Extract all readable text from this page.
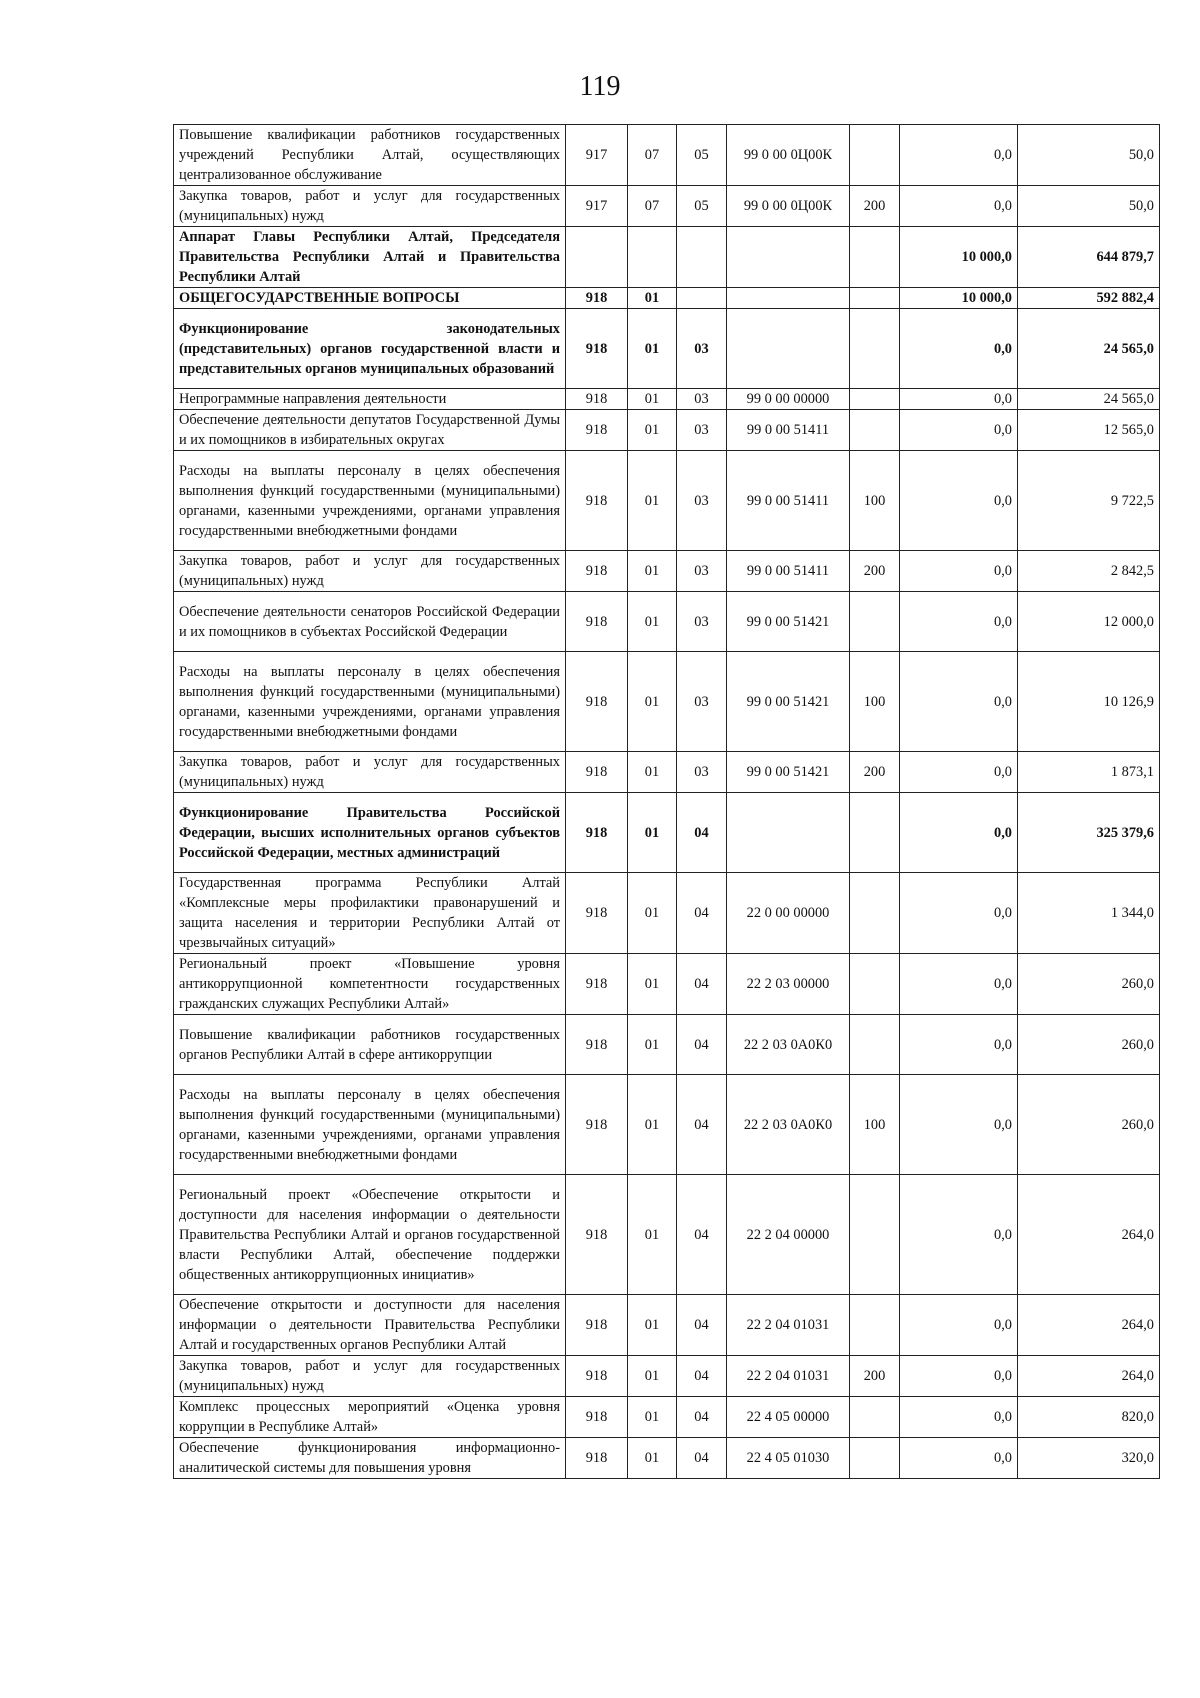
119
Повышение квалификации работников государственных учреждений Республики Алтай, осуществляющих централизованное обслуживание	917	07	05	99 0 00 0Ц00К		0,0	50,0
Закупка товаров, работ и услуг для государственных (муниципальных) нужд	917	07	05	99 0 00 0Ц00К	200	0,0	50,0
Аппарат Главы Республики Алтай, Председателя Правительства Республики Алтай и Правительства Республики Алтай						10 000,0	644 879,7
ОБЩЕГОСУДАРСТВЕННЫЕ ВОПРОСЫ	918	01				10 000,0	592 882,4
Функционирование законодательных (представительных) органов государственной власти и представительных органов муниципальных образований	918	01	03			0,0	24 565,0
Непрограммные направления деятельности	918	01	03	99 0 00 00000		0,0	24 565,0
Обеспечение деятельности депутатов Государственной Думы и их помощников в избирательных округах	918	01	03	99 0 00 51411		0,0	12 565,0
Расходы на выплаты персоналу в целях обеспечения выполнения функций государственными (муниципальными) органами, казенными учреждениями, органами управления государственными внебюджетными фондами	918	01	03	99 0 00 51411	100	0,0	9 722,5
Закупка товаров, работ и услуг для государственных (муниципальных) нужд	918	01	03	99 0 00 51411	200	0,0	2 842,5
Обеспечение деятельности сенаторов Российской Федерации и их помощников в субъектах Российской Федерации	918	01	03	99 0 00 51421		0,0	12 000,0
Расходы на выплаты персоналу в целях обеспечения выполнения функций государственными (муниципальными) органами, казенными учреждениями, органами управления государственными внебюджетными фондами	918	01	03	99 0 00 51421	100	0,0	10 126,9
Закупка товаров, работ и услуг для государственных (муниципальных) нужд	918	01	03	99 0 00 51421	200	0,0	1 873,1
Функционирование Правительства Российской Федерации, высших исполнительных органов субъектов Российской Федерации, местных администраций	918	01	04			0,0	325 379,6
Государственная программа Республики Алтай «Комплексные меры профилактики правонарушений и защита населения и территории Республики Алтай от чрезвычайных ситуаций»	918	01	04	22 0 00 00000		0,0	1 344,0
Региональный проект «Повышение уровня антикоррупционной компетентности государственных гражданских служащих Республики Алтай»	918	01	04	22 2 03 00000		0,0	260,0
Повышение квалификации работников государственных органов Республики Алтай в сфере антикоррупции	918	01	04	22 2 03 0А0К0		0,0	260,0
Расходы на выплаты персоналу в целях обеспечения выполнения функций государственными (муниципальными) органами, казенными учреждениями, органами управления государственными внебюджетными фондами	918	01	04	22 2 03 0А0К0	100	0,0	260,0
Региональный проект «Обеспечение открытости и доступности для населения информации о деятельности Правительства Республики Алтай и органов государственной власти Республики Алтай, обеспечение поддержки общественных антикоррупционных инициатив»	918	01	04	22 2 04 00000		0,0	264,0
Обеспечение открытости и доступности для населения информации о деятельности Правительства Республики Алтай и государственных органов Республики Алтай	918	01	04	22 2 04 01031		0,0	264,0
Закупка товаров, работ и услуг для государственных (муниципальных) нужд	918	01	04	22 2 04 01031	200	0,0	264,0
Комплекс процессных мероприятий «Оценка уровня коррупции в Республике Алтай»	918	01	04	22 4 05 00000		0,0	820,0
Обеспечение функционирования информационно-аналитической системы для повышения уровня	918	01	04	22 4 05 01030		0,0	320,0
